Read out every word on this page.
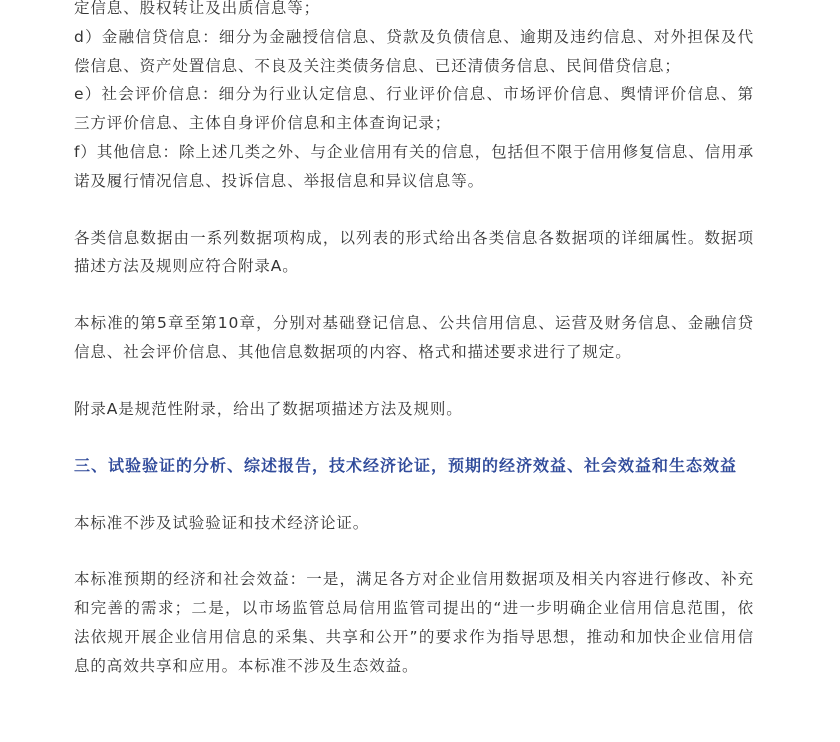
定信息、股权转让及出质信息等；

d）金融信贷信息：细分为金融授信信息、贷款及负债信息、逾期及违约信息、对外担保及代偿信息、资产处置信息、不良及关注类债务信息、已还清债务信息、民间借贷信息；

e）社会评价信息：细分为行业认定信息、行业评价信息、市场评价信息、舆情评价信息、第三方评价信息、主体自身评价信息和主体查询记录；

f）其他信息：除上述几类之外、与企业信用有关的信息，包括但不限于信用修复信息、信用承诺及履行情况信息、投诉信息、举报信息和异议信息等。

各类信息数据由一系列数据项构成，以列表的形式给出各类信息各数据项的详细属性。数据项描述方法及规则应符合附录A。

本标准的第5章至第10章，分别对基础登记信息、公共信用信息、运营及财务信息、金融信贷信息、社会评价信息、其他信息数据项的内容、格式和描述要求进行了规定。

附录A是规范性附录，给出了数据项描述方法及规则。

三、试验验证的分析、综述报告，技术经济论证，预期的经济效益、社会效益和生态效益

本标准不涉及试验验证和技术经济论证。

本标准预期的经济和社会效益：一是，满足各方对企业信用数据项及相关内容进行修改、补充和完善的需求；二是，以市场监管总局信用监管司提出的“进一步明确企业信用信息范围，依法依规开展企业信用信息的采集、共享和公开”的要求作为指导思想，推动和加快企业信用信息的高效共享和应用。本标准不涉及生态效益。
